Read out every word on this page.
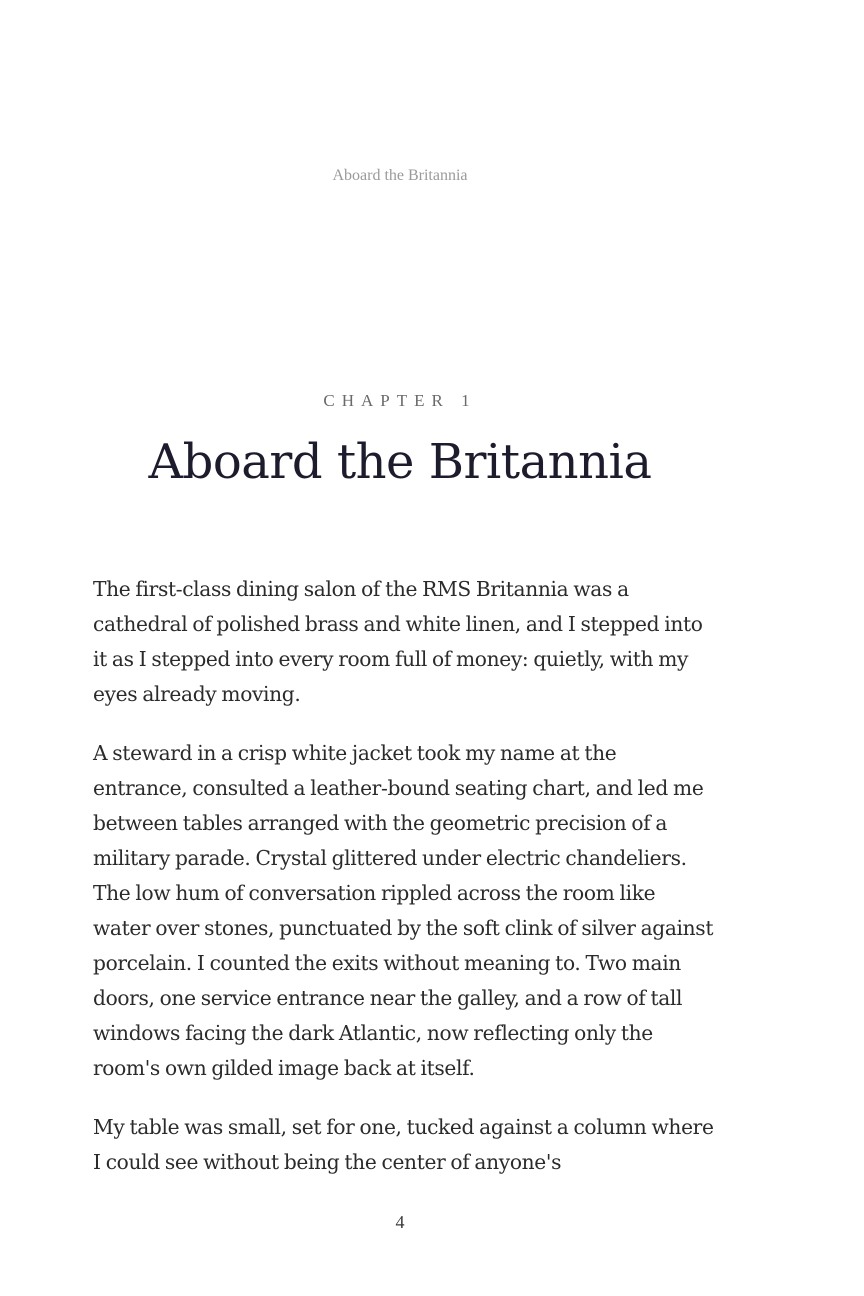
Aboard the Britannia
CHAPTER 1
Aboard the Britannia

The first-class dining salon of the RMS Britannia was a cathedral of polished brass and white linen, and I stepped into it as I stepped into every room full of money: quietly, with my eyes already moving.

A steward in a crisp white jacket took my name at the entrance, consulted a leather-bound seating chart, and led me between tables arranged with the geometric precision of a military parade. Crystal glittered under electric chandeliers. The low hum of conversation rippled across the room like water over stones, punctuated by the soft clink of silver against porcelain. I counted the exits without meaning to. Two main doors, one service entrance near the galley, and a row of tall windows facing the dark Atlantic, now reflecting only the room's own gilded image back at itself.

My table was small, set for one, tucked against a column where I could see without being the center of anyone's

4
